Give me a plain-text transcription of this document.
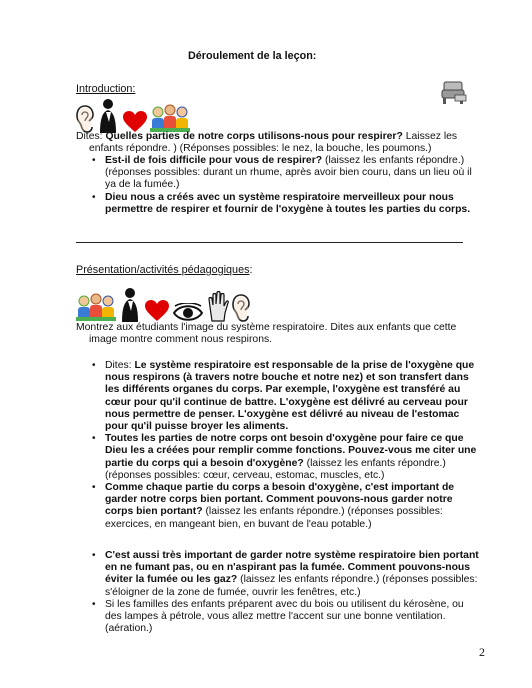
Déroulement de la leçon:
Introduction:
Dites: Quelles parties de notre corps utilisons-nous pour respirer? Laissez les
enfants répondre. ) (Réponses possibles: le nez, la bouche, les poumons.)
• Est-il de fois difficile pour vous de respirer? (laissez les enfants répondre.)
(réponses possibles: durant un rhume, après avoir bien couru, dans un lieu où il
ya de la fumée.)
• Dieu nous a créés avec un système respiratoire merveilleux pour nous
permettre de respirer et fournir de l'oxygène à toutes les parties du corps.
Présentation/activités pédagogiques:
Montrez aux étudiants l'image du système respiratoire. Dites aux enfants que cette
image montre comment nous respirons.
• Dites: Le système respiratoire est responsable de la prise de l'oxygène que
nous respirons (à travers notre bouche et notre nez) et son transfert dans
les différents organes du corps. Par exemple, l'oxygène est transféré au
cœur pour qu'il continue de battre. L'oxygène est délivré au cerveau pour
nous permettre de penser. L'oxygène est délivré au niveau de l'estomac
pour qu'il puisse broyer les aliments.
• Toutes les parties de notre corps ont besoin d'oxygène pour faire ce que
Dieu les a créées pour remplir comme fonctions. Pouvez-vous me citer une
partie du corps qui a besoin d'oxygène? (laissez les enfants répondre.)
(réponses possibles: cœur, cerveau, estomac, muscles, etc.)
• Comme chaque partie du corps a besoin d'oxygène, c'est important de
garder notre corps bien portant. Comment pouvons-nous garder notre
corps bien portant? (laissez les enfants répondre.) (réponses possibles:
exercices, en mangeant bien, en buvant de l'eau potable.)
• C'est aussi très important de garder notre système respiratoire bien portant
en ne fumant pas, ou en n'aspirant pas la fumée. Comment pouvons-nous
éviter la fumée ou les gaz? (laissez les enfants répondre.) (réponses possibles:
s'éloigner de la zone de fumée, ouvrir les fenêtres, etc.)
• Si les familles des enfants préparent avec du bois ou utilisent du kérosène, ou
des lampes à pétrole, vous allez mettre l'accent sur une bonne ventilation.
(aération.)
2
